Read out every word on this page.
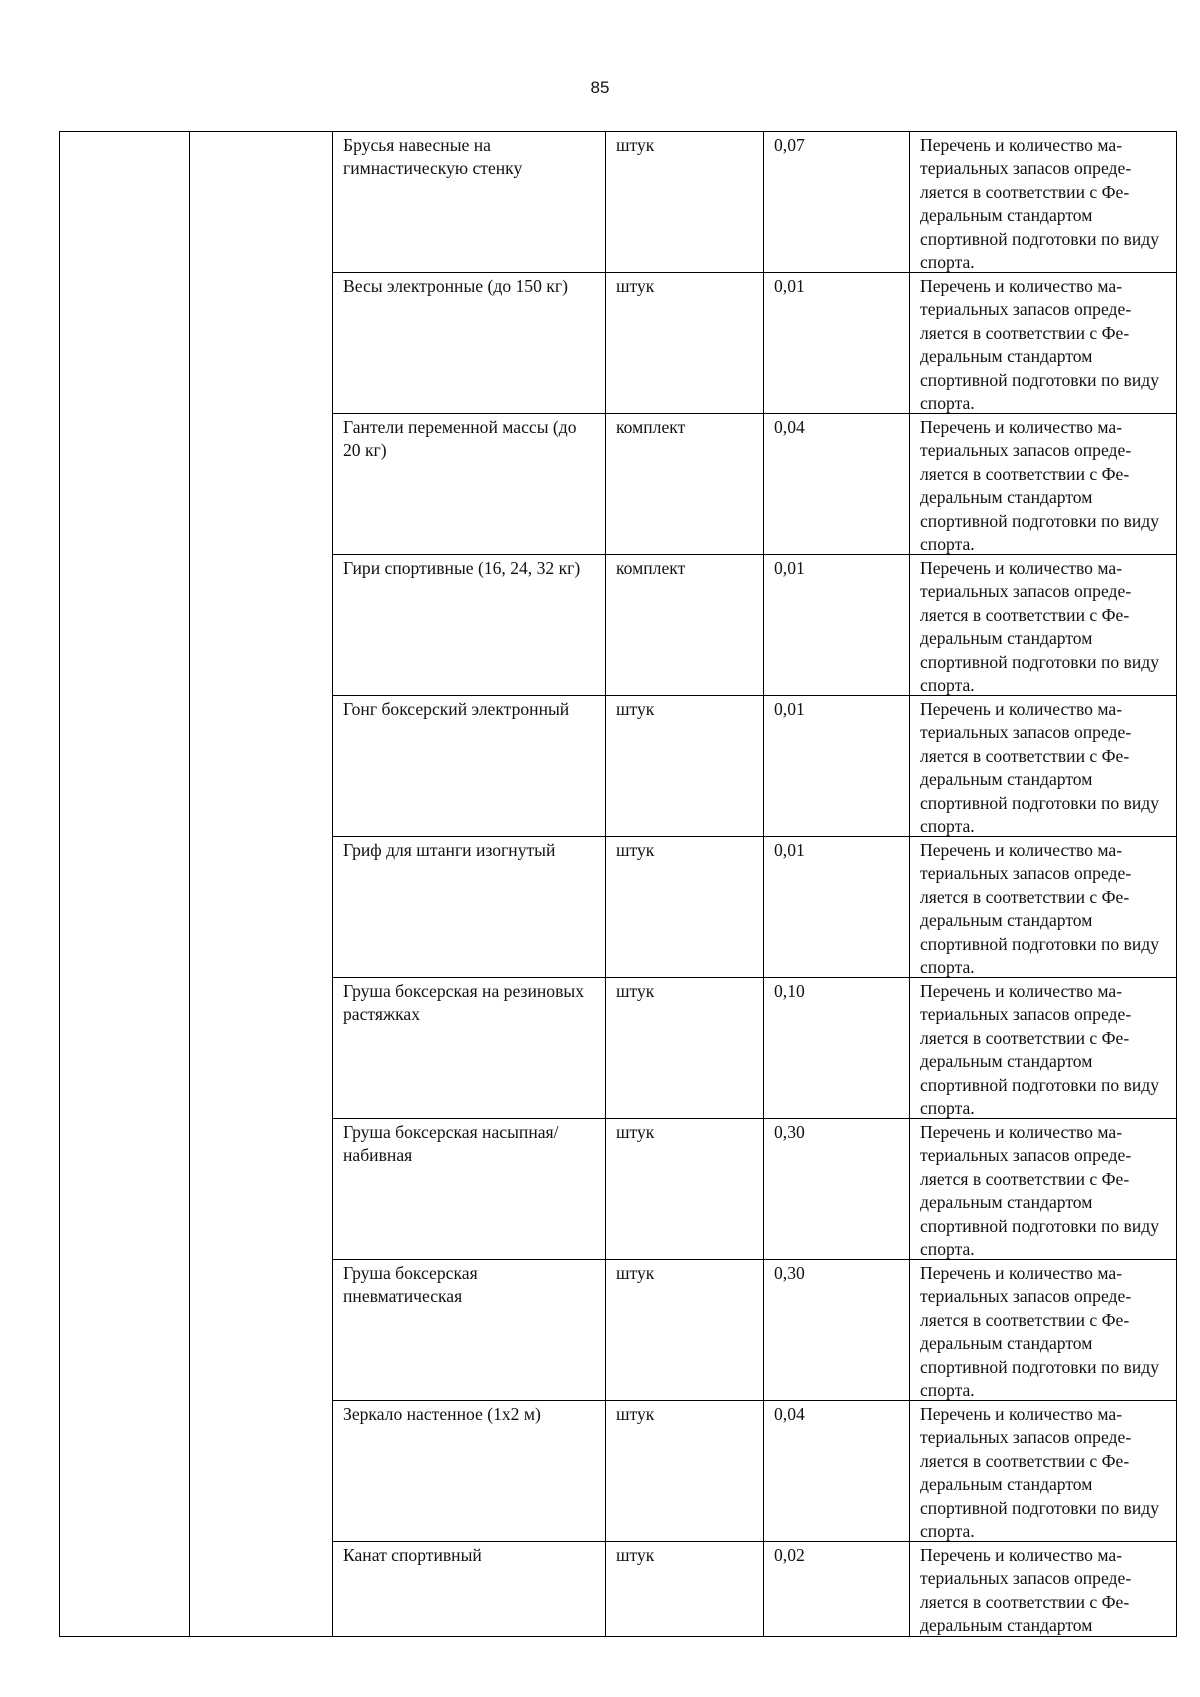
85
		Брусья навесные на гимнастическую стенку	штук	0,07	Перечень и количество ма-териальных запасов опреде-ляется в соответствии с Фе-деральным стандартом спортивной подготовки по виду спорта.

		Весы электронные (до 150 кг)	штук	0,01	Перечень и количество ма-териальных запасов опреде-ляется в соответствии с Фе-деральным стандартом спортивной подготовки по виду спорта.

		Гантели переменной массы (до 20 кг)	комплект	0,04	Перечень и количество ма-териальных запасов опреде-ляется в соответствии с Фе-деральным стандартом спортивной подготовки по виду спорта.

		Гири спортивные (16, 24, 32 кг)	комплект	0,01	Перечень и количество ма-териальных запасов опреде-ляется в соответствии с Фе-деральным стандартом спортивной подготовки по виду спорта.

		Гонг боксерский электронный	штук	0,01	Перечень и количество ма-териальных запасов опреде-ляется в соответствии с Фе-деральным стандартом спортивной подготовки по виду спорта.

		Гриф для штанги изогнутый	штук	0,01	Перечень и количество ма-териальных запасов опреде-ляется в соответствии с Фе-деральным стандартом спортивной подготовки по виду спорта.

		Груша боксерская на резиновых растяжках	штук	0,10	Перечень и количество ма-териальных запасов опреде-ляется в соответствии с Фе-деральным стандартом спортивной подготовки по виду спорта.

		Груша боксерская насыпная/набивная	штук	0,30	Перечень и количество ма-териальных запасов опреде-ляется в соответствии с Фе-деральным стандартом спортивной подготовки по виду спорта.

		Груша боксерская пневматическая	штук	0,30	Перечень и количество ма-териальных запасов опреде-ляется в соответствии с Фе-деральным стандартом спортивной подготовки по виду спорта.

		Зеркало настенное (1x2 м)	штук	0,04	Перечень и количество ма-териальных запасов опреде-ляется в соответствии с Фе-деральным стандартом спортивной подготовки по виду спорта.

		Канат спортивный	штук	0,02	Перечень и количество ма-териальных запасов опреде-ляется в соответствии с Фе-деральным стандартом
